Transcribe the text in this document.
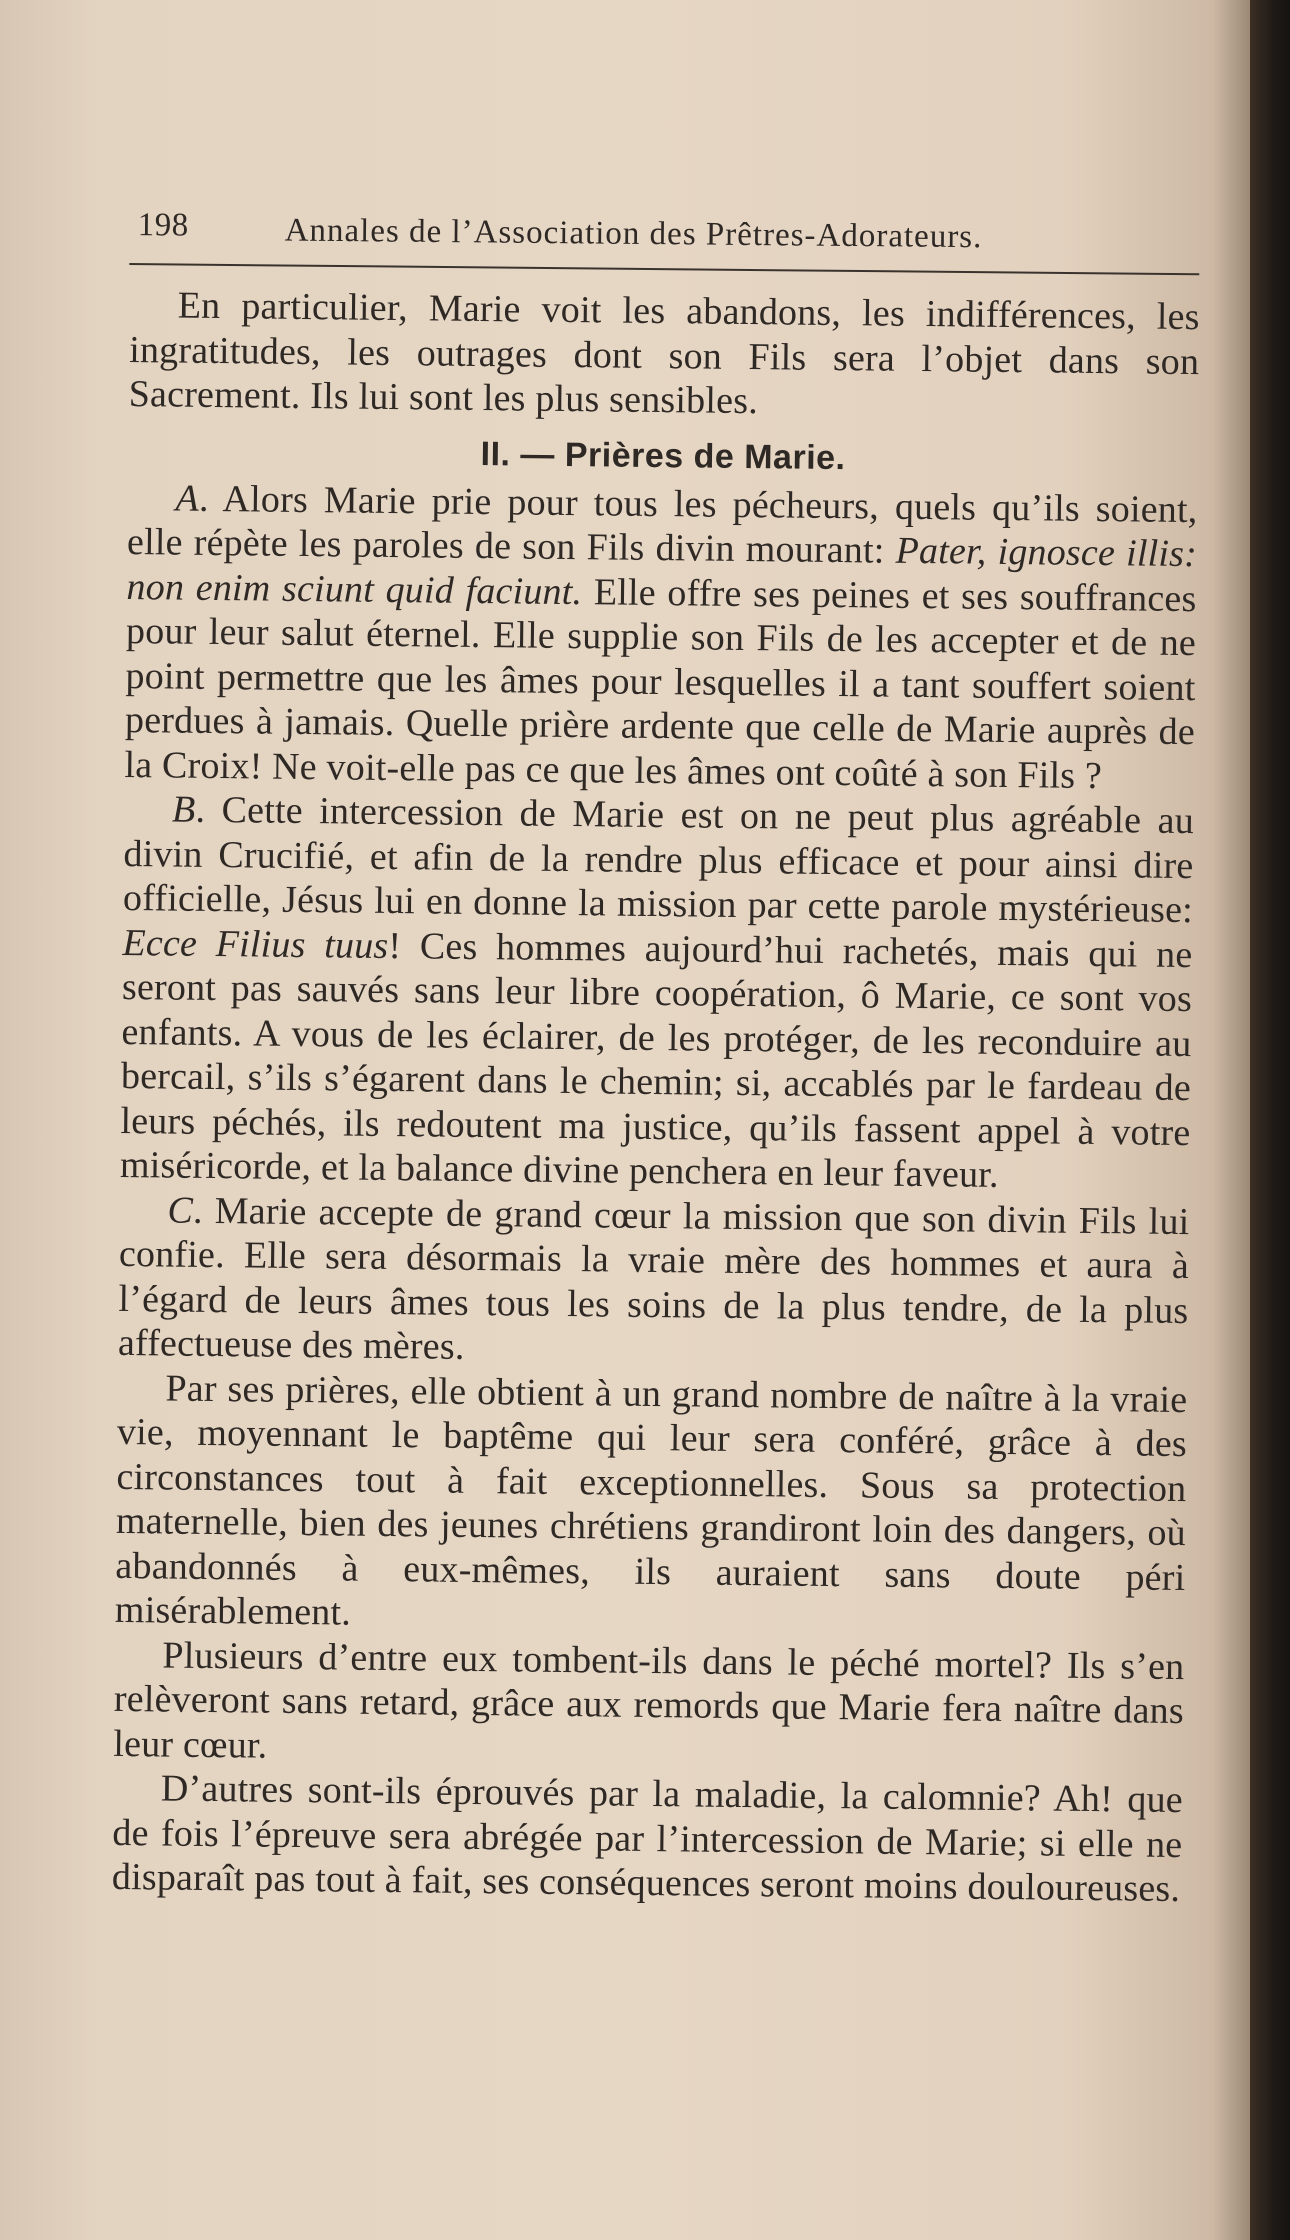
198	Annales de l’Association des Prêtres-Adorateurs.

En particulier, Marie voit les abandons, les indifférences, les ingratitudes, les outrages dont son Fils sera l’objet dans son Sacrement. Ils lui sont les plus sensibles.

II. — Prières de Marie.

A. Alors Marie prie pour tous les pécheurs, quels qu’ils soient, elle répète les paroles de son Fils divin mourant: Pater, ignosce illis: non enim sciunt quid faciunt. Elle offre ses peines et ses souffrances pour leur salut éternel. Elle supplie son Fils de les accepter et de ne point permettre que les âmes pour lesquelles il a tant souffert soient perdues à jamais. Quelle prière ardente que celle de Marie auprès de la Croix! Ne voit-elle pas ce que les âmes ont coûté à son Fils ?

B. Cette intercession de Marie est on ne peut plus agréable au divin Crucifié, et afin de la rendre plus efficace et pour ainsi dire officielle, Jésus lui en donne la mission par cette parole mystérieuse: Ecce Filius tuus! Ces hommes aujourd’hui rachetés, mais qui ne seront pas sauvés sans leur libre coopération, ô Marie, ce sont vos enfants. A vous de les éclairer, de les protéger, de les reconduire au bercail, s’ils s’égarent dans le chemin; si, accablés par le fardeau de leurs péchés, ils redoutent ma justice, qu’ils fassent appel à votre miséricorde, et la balance divine penchera en leur faveur.

C. Marie accepte de grand cœur la mission que son divin Fils lui confie. Elle sera désormais la vraie mère des hommes et aura à l’égard de leurs âmes tous les soins de la plus tendre, de la plus affectueuse des mères.

Par ses prières, elle obtient à un grand nombre de naître à la vraie vie, moyennant le baptême qui leur sera conféré, grâce à des circonstances tout à fait exceptionnelles. Sous sa protection maternelle, bien des jeunes chrétiens grandiront loin des dangers, où abandonnés à eux-mêmes, ils auraient sans doute péri misérablement.

Plusieurs d’entre eux tombent-ils dans le péché mortel? Ils s’en relèveront sans retard, grâce aux remords que Marie fera naître dans leur cœur.

D’autres sont-ils éprouvés par la maladie, la calomnie? Ah! que de fois l’épreuve sera abrégée par l’intercession de Marie; si elle ne disparaît pas tout à fait, ses conséquences seront moins douloureuses.
